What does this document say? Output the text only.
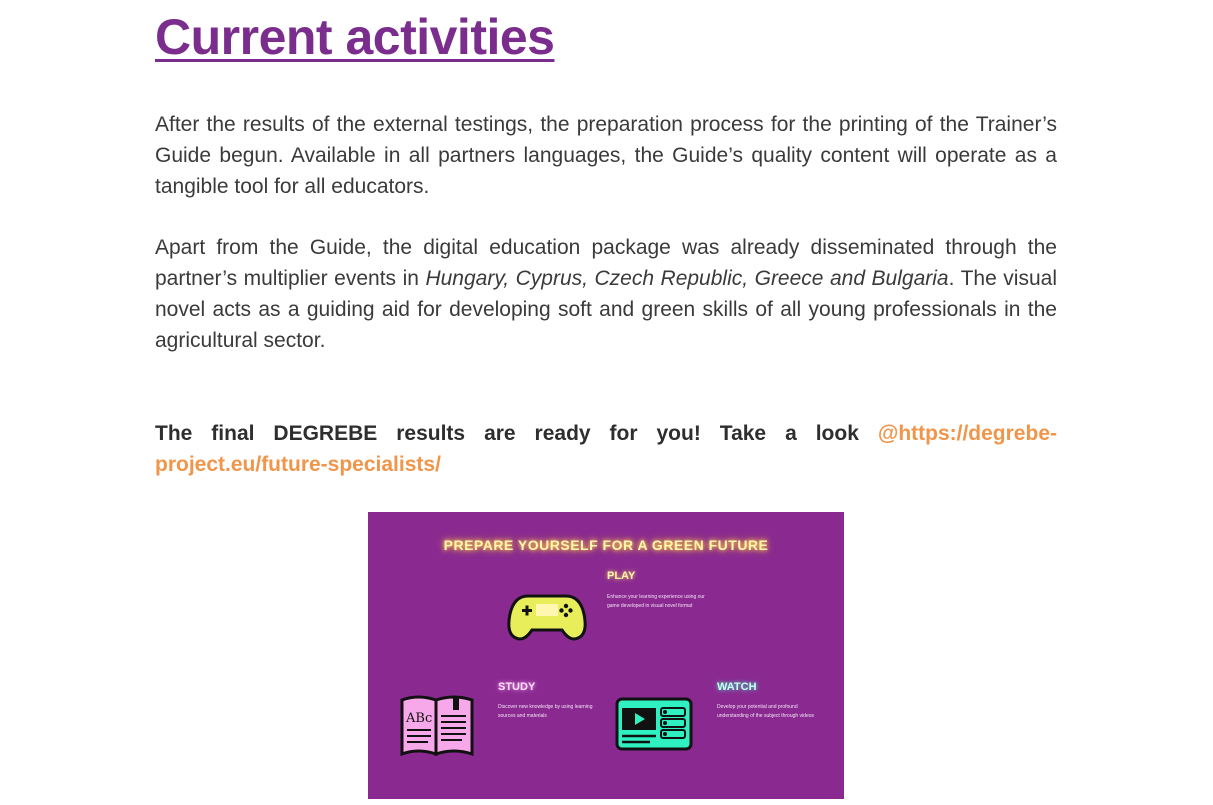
Current activities

After the results of the external testings, the preparation process for the printing of the Trainer’s Guide begun. Available in all partners languages, the Guide’s quality content will operate as a tangible tool for all educators.

Apart from the Guide, the digital education package was already disseminated through the partner’s multiplier events in Hungary, Cyprus, Czech Republic, Greece and Bulgaria. The visual novel acts as a guiding aid for developing soft and green skills of all young professionals in the agricultural sector.

The final DEGREBE results are ready for you! Take a look @https://degrebe-project.eu/future-specialists/

PREPARE YOURSELF FOR A GREEN FUTURE
PLAY
Enhance your learning experience using our game developed in visual novel format
STUDY
Discover new knowledge by using learning sources and materials
WATCH
Develop your potential and profound understanding of the subject through videos
ABc
